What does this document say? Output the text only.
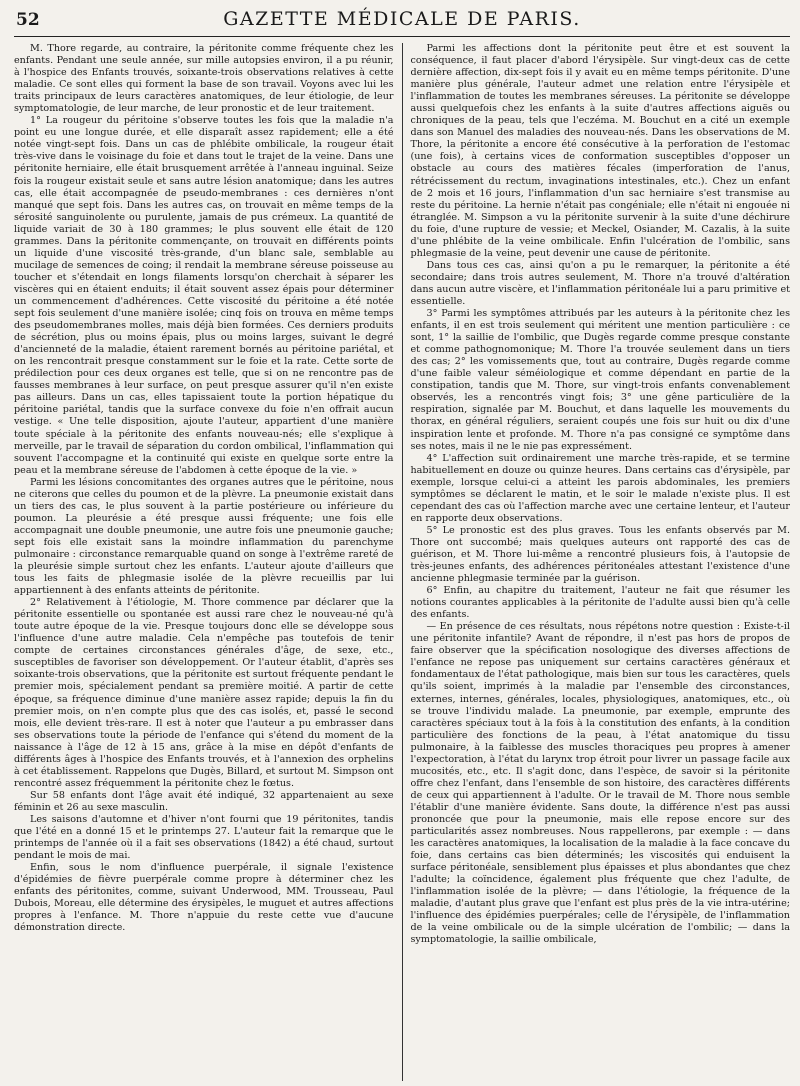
52	GAZETTE MÉDICALE DE PARIS.

M. Thore regarde, au contraire, la péritonite comme fréquente chez les enfants. Pendant une seule année, sur mille autopsies environ, il a pu réunir, à l'hospice des Enfants trouvés, soixante-trois observations relatives à cette maladie. Ce sont elles qui forment la base de son travail. Voyons avec lui les traits principaux de leurs caractères anatomiques, de leur étiologie, de leur symptomatologie, de leur marche, de leur pronostic et de leur traitement.

1° La rougeur du péritoine s'observe toutes les fois que la maladie n'a point eu une longue durée, et elle disparaît assez rapidement; elle a été notée vingt-sept fois. Dans un cas de phlébite ombilicale, la rougeur était très-vive dans le voisinage du foie et dans tout le trajet de la veine. Dans une péritonite herniaire, elle était brusquement arrêtée à l'anneau inguinal. Seize fois la rougeur existait seule et sans autre lésion anatomique; dans les autres cas, elle était accompagnée de pseudo-membranes : ces dernières n'ont manqué que sept fois. Dans les autres cas, on trouvait en même temps de la sérosité sanguinolente ou purulente, jamais de pus crémeux. La quantité de liquide variait de 30 à 180 grammes; le plus souvent elle était de 120 grammes. Dans la péritonite commençante, on trouvait en différents points un liquide d'une viscosité très-grande, d'un blanc sale, semblable au mucilage de semences de coing; il rendait la membrane séreuse poisseuse au toucher et s'étendait en longs filaments lorsqu'on cherchait à séparer les viscères qui en étaient enduits; il était souvent assez épais pour déterminer un commencement d'adhérences. Cette viscosité du péritoine a été notée sept fois seulement d'une manière isolée; cinq fois on trouva en même temps des pseudomembranes molles, mais déjà bien formées. Ces derniers produits de sécrétion, plus ou moins épais, plus ou moins larges, suivant le degré d'ancienneté de la maladie, étaient rarement bornés au péritoine pariétal, et on les rencontrait presque constamment sur le foie et la rate. Cette sorte de prédilection pour ces deux organes est telle, que si on ne rencontre pas de fausses membranes à leur surface, on peut presque assurer qu'il n'en existe pas ailleurs. Dans un cas, elles tapissaient toute la portion hépatique du péritoine pariétal, tandis que la surface convexe du foie n'en offrait aucun vestige. « Une telle disposition, ajoute l'auteur, appartient d'une manière toute spéciale à la péritonite des enfants nouveau-nés; elle s'explique à merveille, par le travail de séparation du cordon ombilical, l'inflammation qui souvent l'accompagne et la continuité qui existe en quelque sorte entre la peau et la membrane séreuse de l'abdomen à cette époque de la vie. »

Parmi les lésions concomitantes des organes autres que le péritoine, nous ne citerons que celles du poumon et de la plèvre. La pneumonie existait dans un tiers des cas, le plus souvent à la partie postérieure ou inférieure du poumon. La pleurésie a été presque aussi fréquente; une fois elle accompagnait une double pneumonie, une autre fois une pneumonie gauche; sept fois elle existait sans la moindre inflammation du parenchyme pulmonaire : circonstance remarquable quand on songe à l'extrême rareté de la pleurésie simple surtout chez les enfants. L'auteur ajoute d'ailleurs que tous les faits de phlegmasie isolée de la plèvre recueillis par lui appartiennent à des enfants atteints de péritonite.

2° Relativement à l'étiologie, M. Thore commence par déclarer que la péritonite essentielle ou spontanée est aussi rare chez le nouveau-né qu'à toute autre époque de la vie. Presque toujours donc elle se développe sous l'influence d'une autre maladie. Cela n'empêche pas toutefois de tenir compte de certaines circonstances générales d'âge, de sexe, etc., susceptibles de favoriser son développement. Or l'auteur établit, d'après ses soixante-trois observations, que la péritonite est surtout fréquente pendant le premier mois, spécialement pendant sa première moitié. A partir de cette époque, sa fréquence diminue d'une manière assez rapide; depuis la fin du premier mois, on n'en compte plus que des cas isolés, et, passé le second mois, elle devient très-rare. Il est à noter que l'auteur a pu embrasser dans ses observations toute la période de l'enfance qui s'étend du moment de la naissance à l'âge de 12 à 15 ans, grâce à la mise en dépôt d'enfants de différents âges à l'hospice des Enfants trouvés, et à l'annexion des orphelins à cet établissement. Rappelons que Dugès, Billard, et surtout M. Simpson ont rencontré assez fréquemment la péritonite chez le fœtus.

Sur 58 enfants dont l'âge avait été indiqué, 32 appartenaient au sexe féminin et 26 au sexe masculin.

Les saisons d'automne et d'hiver n'ont fourni que 19 péritonites, tandis que l'été en a donné 15 et le printemps 27. L'auteur fait la remarque que le printemps de l'année où il a fait ses observations (1842) a été chaud, surtout pendant le mois de mai.

Enfin, sous le nom d'influence puerpérale, il signale l'existence d'épidémies de fièvre puerpérale comme propre à déterminer chez les enfants des péritonites, comme, suivant Underwood, MM. Trousseau, Paul Dubois, Moreau, elle détermine des érysipèles, le muguet et autres affections propres à l'enfance. M. Thore n'appuie du reste cette vue d'aucune démonstration directe.

Parmi les affections dont la péritonite peut être et est souvent la conséquence, il faut placer d'abord l'érysipèle. Sur vingt-deux cas de cette dernière affection, dix-sept fois il y avait eu en même temps péritonite. D'une manière plus générale, l'auteur admet une relation entre l'érysipèle et l'inflammation de toutes les membranes séreuses. La péritonite se développe aussi quelquefois chez les enfants à la suite d'autres affections aiguës ou chroniques de la peau, tels que l'eczéma. M. Bouchut en a cité un exemple dans son Manuel des maladies des nouveau-nés. Dans les observations de M. Thore, la péritonite a encore été consécutive à la perforation de l'estomac (une fois), à certains vices de conformation susceptibles d'opposer un obstacle au cours des matières fécales (imperforation de l'anus, rétrécissement du rectum, invaginations intestinales, etc.). Chez un enfant de 2 mois et 16 jours, l'inflammation d'un sac herniaire s'est transmise au reste du péritoine. La hernie n'était pas congéniale; elle n'était ni engouée ni étranglée. M. Simpson a vu la péritonite survenir à la suite d'une déchirure du foie, d'une rupture de vessie; et Meckel, Osiander, M. Cazalis, à la suite d'une phlébite de la veine ombilicale. Enfin l'ulcération de l'ombilic, sans phlegmasie de la veine, peut devenir une cause de péritonite.

Dans tous ces cas, ainsi qu'on a pu le remarquer, la péritonite a été secondaire; dans trois autres seulement, M. Thore n'a trouvé d'altération dans aucun autre viscère, et l'inflammation péritonéale lui a paru primitive et essentielle.

3° Parmi les symptômes attribués par les auteurs à la péritonite chez les enfants, il en est trois seulement qui méritent une mention particulière : ce sont, 1° la saillie de l'ombilic, que Dugès regarde comme presque constante et comme pathognomonique; M. Thore l'a trouvée seulement dans un tiers des cas; 2° les vomissements que, tout au contraire, Dugès regarde comme d'une faible valeur séméiologique et comme dépendant en partie de la constipation, tandis que M. Thore, sur vingt-trois enfants convenablement observés, les a rencontrés vingt fois; 3° une gêne particulière de la respiration, signalée par M. Bouchut, et dans laquelle les mouvements du thorax, en général réguliers, seraient coupés une fois sur huit ou dix d'une inspiration lente et profonde. M. Thore n'a pas consigné ce symptôme dans ses notes, mais il ne le nie pas expressément.

4° L'affection suit ordinairement une marche très-rapide, et se termine habituellement en douze ou quinze heures. Dans certains cas d'érysipèle, par exemple, lorsque celui-ci a atteint les parois abdominales, les premiers symptômes se déclarent le matin, et le soir le malade n'existe plus. Il est cependant des cas où l'affection marche avec une certaine lenteur, et l'auteur en rapporte deux observations.

5° Le pronostic est des plus graves. Tous les enfants observés par M. Thore ont succombé; mais quelques auteurs ont rapporté des cas de guérison, et M. Thore lui-même a rencontré plusieurs fois, à l'autopsie de très-jeunes enfants, des adhérences péritonéales attestant l'existence d'une ancienne phlegmasie terminée par la guérison.

6° Enfin, au chapitre du traitement, l'auteur ne fait que résumer les notions courantes applicables à la péritonite de l'adulte aussi bien qu'à celle des enfants.

— En présence de ces résultats, nous répétons notre question : Existe-t-il une péritonite infantile? Avant de répondre, il n'est pas hors de propos de faire observer que la spécification nosologique des diverses affections de l'enfance ne repose pas uniquement sur certains caractères généraux et fondamentaux de l'état pathologique, mais bien sur tous les caractères, quels qu'ils soient, imprimés à la maladie par l'ensemble des circonstances, externes, internes, générales, locales, physiologiques, anatomiques, etc., où se trouve l'individu malade. La pneumonie, par exemple, emprunte des caractères spéciaux tout à la fois à la constitution des enfants, à la condition particulière des fonctions de la peau, à l'état anatomique du tissu pulmonaire, à la faiblesse des muscles thoraciques peu propres à amener l'expectoration, à l'état du larynx trop étroit pour livrer un passage facile aux mucosités, etc., etc. Il s'agit donc, dans l'espèce, de savoir si la péritonite offre chez l'enfant, dans l'ensemble de son histoire, des caractères différents de ceux qui appartiennent à l'adulte. Or le travail de M. Thore nous semble l'établir d'une manière évidente. Sans doute, la différence n'est pas aussi prononcée que pour la pneumonie, mais elle repose encore sur des particularités assez nombreuses. Nous rappellerons, par exemple : — dans les caractères anatomiques, la localisation de la maladie à la face concave du foie, dans certains cas bien déterminés; les viscosités qui enduisent la surface péritonéale, sensiblement plus épaisses et plus abondantes que chez l'adulte; la coïncidence, également plus fréquente que chez l'adulte, de l'inflammation isolée de la plèvre; — dans l'étiologie, la fréquence de la maladie, d'autant plus grave que l'enfant est plus près de la vie intra-utérine; l'influence des épidémies puerpérales; celle de l'érysipèle, de l'inflammation de la veine ombilicale ou de la simple ulcération de l'ombilic; — dans la symptomatologie, la saillie ombilicale,
